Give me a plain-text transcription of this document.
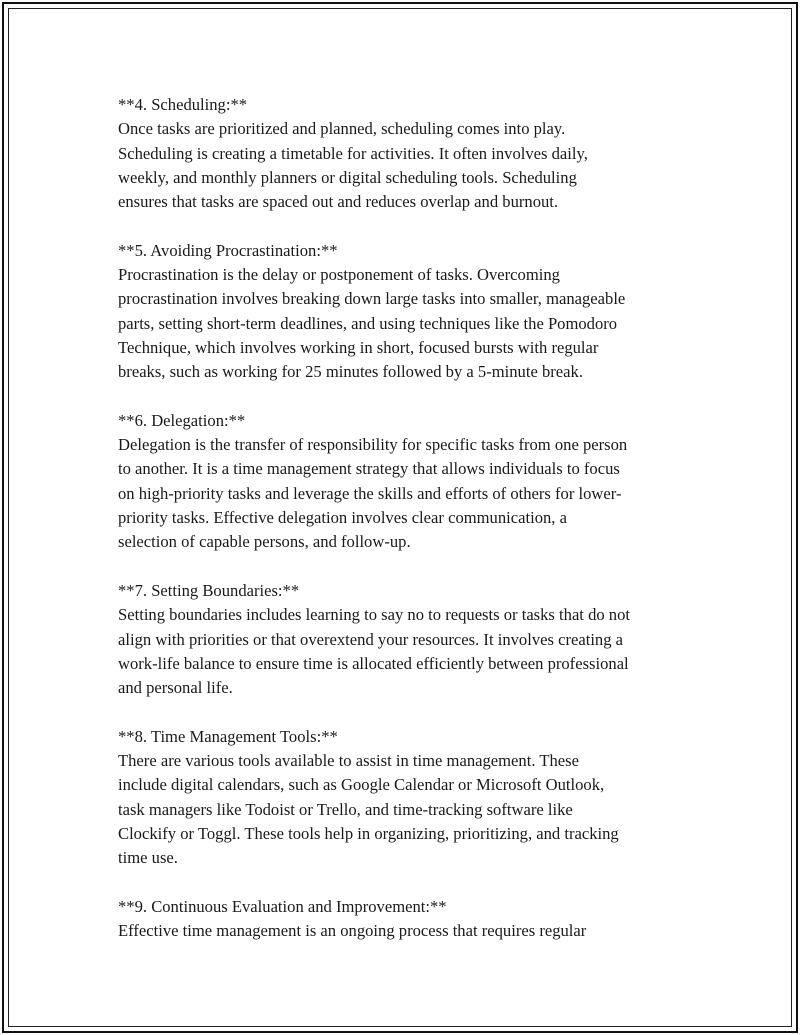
**4. Scheduling:**
Once tasks are prioritized and planned, scheduling comes into play.
Scheduling is creating a timetable for activities. It often involves daily,
weekly, and monthly planners or digital scheduling tools. Scheduling
ensures that tasks are spaced out and reduces overlap and burnout.
**5. Avoiding Procrastination:**
Procrastination is the delay or postponement of tasks. Overcoming
procrastination involves breaking down large tasks into smaller, manageable
parts, setting short-term deadlines, and using techniques like the Pomodoro
Technique, which involves working in short, focused bursts with regular
breaks, such as working for 25 minutes followed by a 5-minute break.
**6. Delegation:**
Delegation is the transfer of responsibility for specific tasks from one person
to another. It is a time management strategy that allows individuals to focus
on high-priority tasks and leverage the skills and efforts of others for lower-
priority tasks. Effective delegation involves clear communication, a
selection of capable persons, and follow-up.
**7. Setting Boundaries:**
Setting boundaries includes learning to say no to requests or tasks that do not
align with priorities or that overextend your resources. It involves creating a
work-life balance to ensure time is allocated efficiently between professional
and personal life.
**8. Time Management Tools:**
There are various tools available to assist in time management. These
include digital calendars, such as Google Calendar or Microsoft Outlook,
task managers like Todoist or Trello, and time-tracking software like
Clockify or Toggl. These tools help in organizing, prioritizing, and tracking
time use.
**9. Continuous Evaluation and Improvement:**
Effective time management is an ongoing process that requires regular
